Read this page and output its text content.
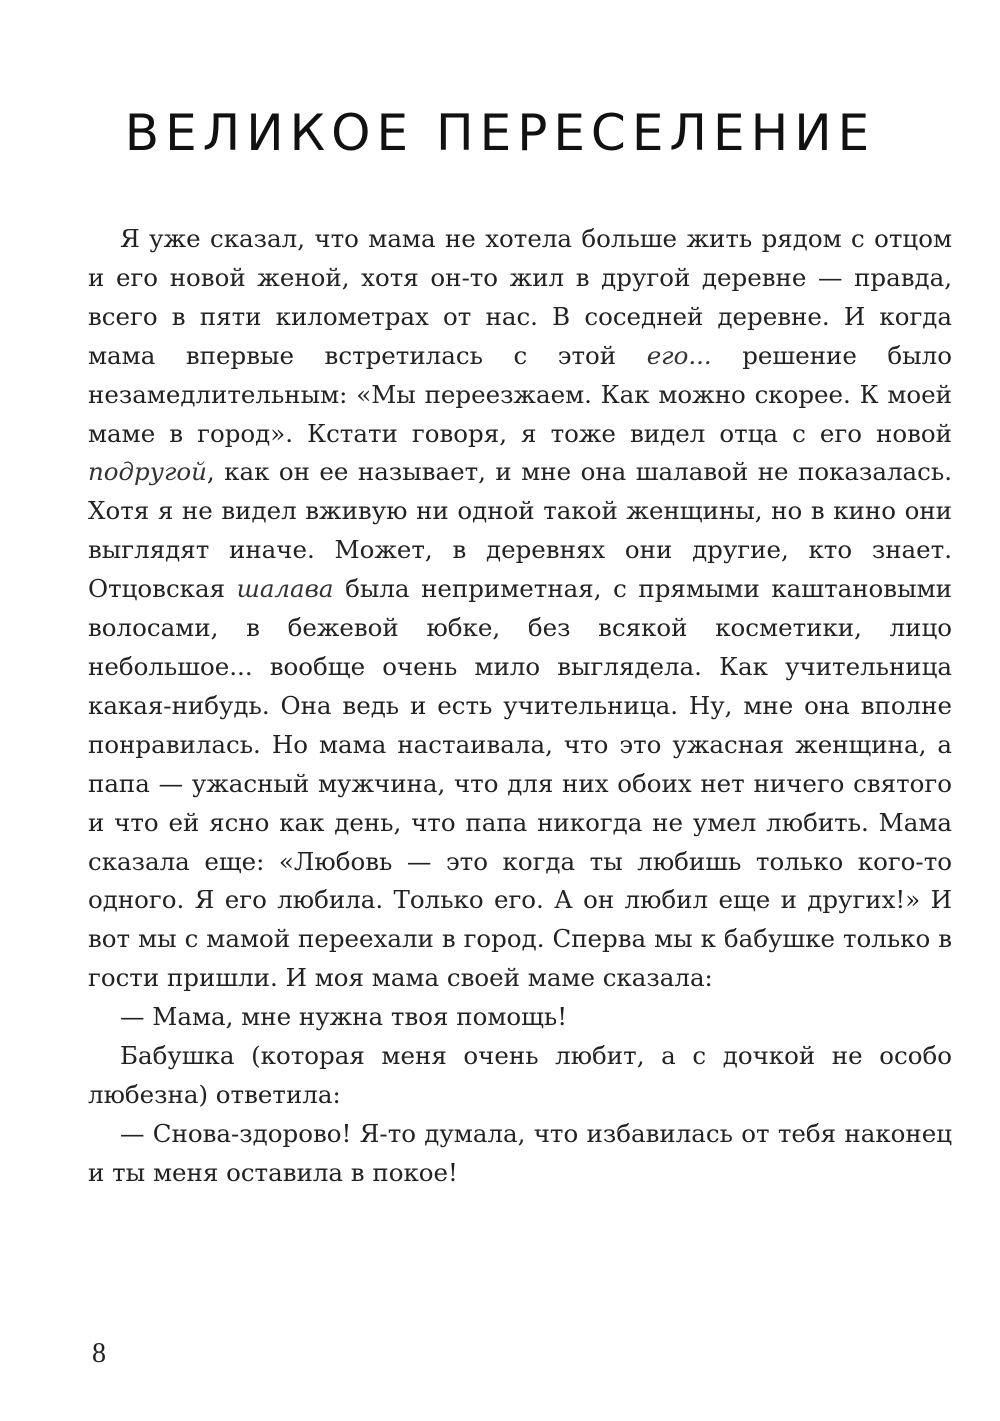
ВЕЛИКОЕ ПЕРЕСЕЛЕНИЕ

Я уже сказал, что мама не хотела больше жить рядом с отцом и его новой женой, хотя он-то жил в другой деревне — правда, всего в пяти километрах от нас. В соседней деревне. И когда мама впервые встретилась с этой его... решение было незамедлительным: «Мы переезжаем. Как можно скорее. К моей маме в город». Кстати говоря, я тоже видел отца с его новой подругой, как он ее называет, и мне она шалавой не показалась. Хотя я не видел вживую ни одной такой женщины, но в кино они выглядят иначе. Может, в деревнях они другие, кто знает. Отцовская шалава была неприметная, с прямыми каштановыми волосами, в бежевой юбке, без всякой косметики, лицо небольшое... вообще очень мило выглядела. Как учительница какая-нибудь. Она ведь и есть учительница. Ну, мне она вполне понравилась. Но мама настаивала, что это ужасная женщина, а папа — ужасный мужчина, что для них обоих нет ничего святого и что ей ясно как день, что папа никогда не умел любить. Мама сказала еще: «Любовь — это когда ты любишь только кого-то одного. Я его любила. Только его. А он любил еще и других!» И вот мы с мамой переехали в город. Сперва мы к бабушке только в гости пришли. И моя мама своей маме сказала:

— Мама, мне нужна твоя помощь!

Бабушка (которая меня очень любит, а с дочкой не особо любезна) ответила:

— Снова-здорово! Я-то думала, что избавилась от тебя наконец и ты меня оставила в покое!

8
